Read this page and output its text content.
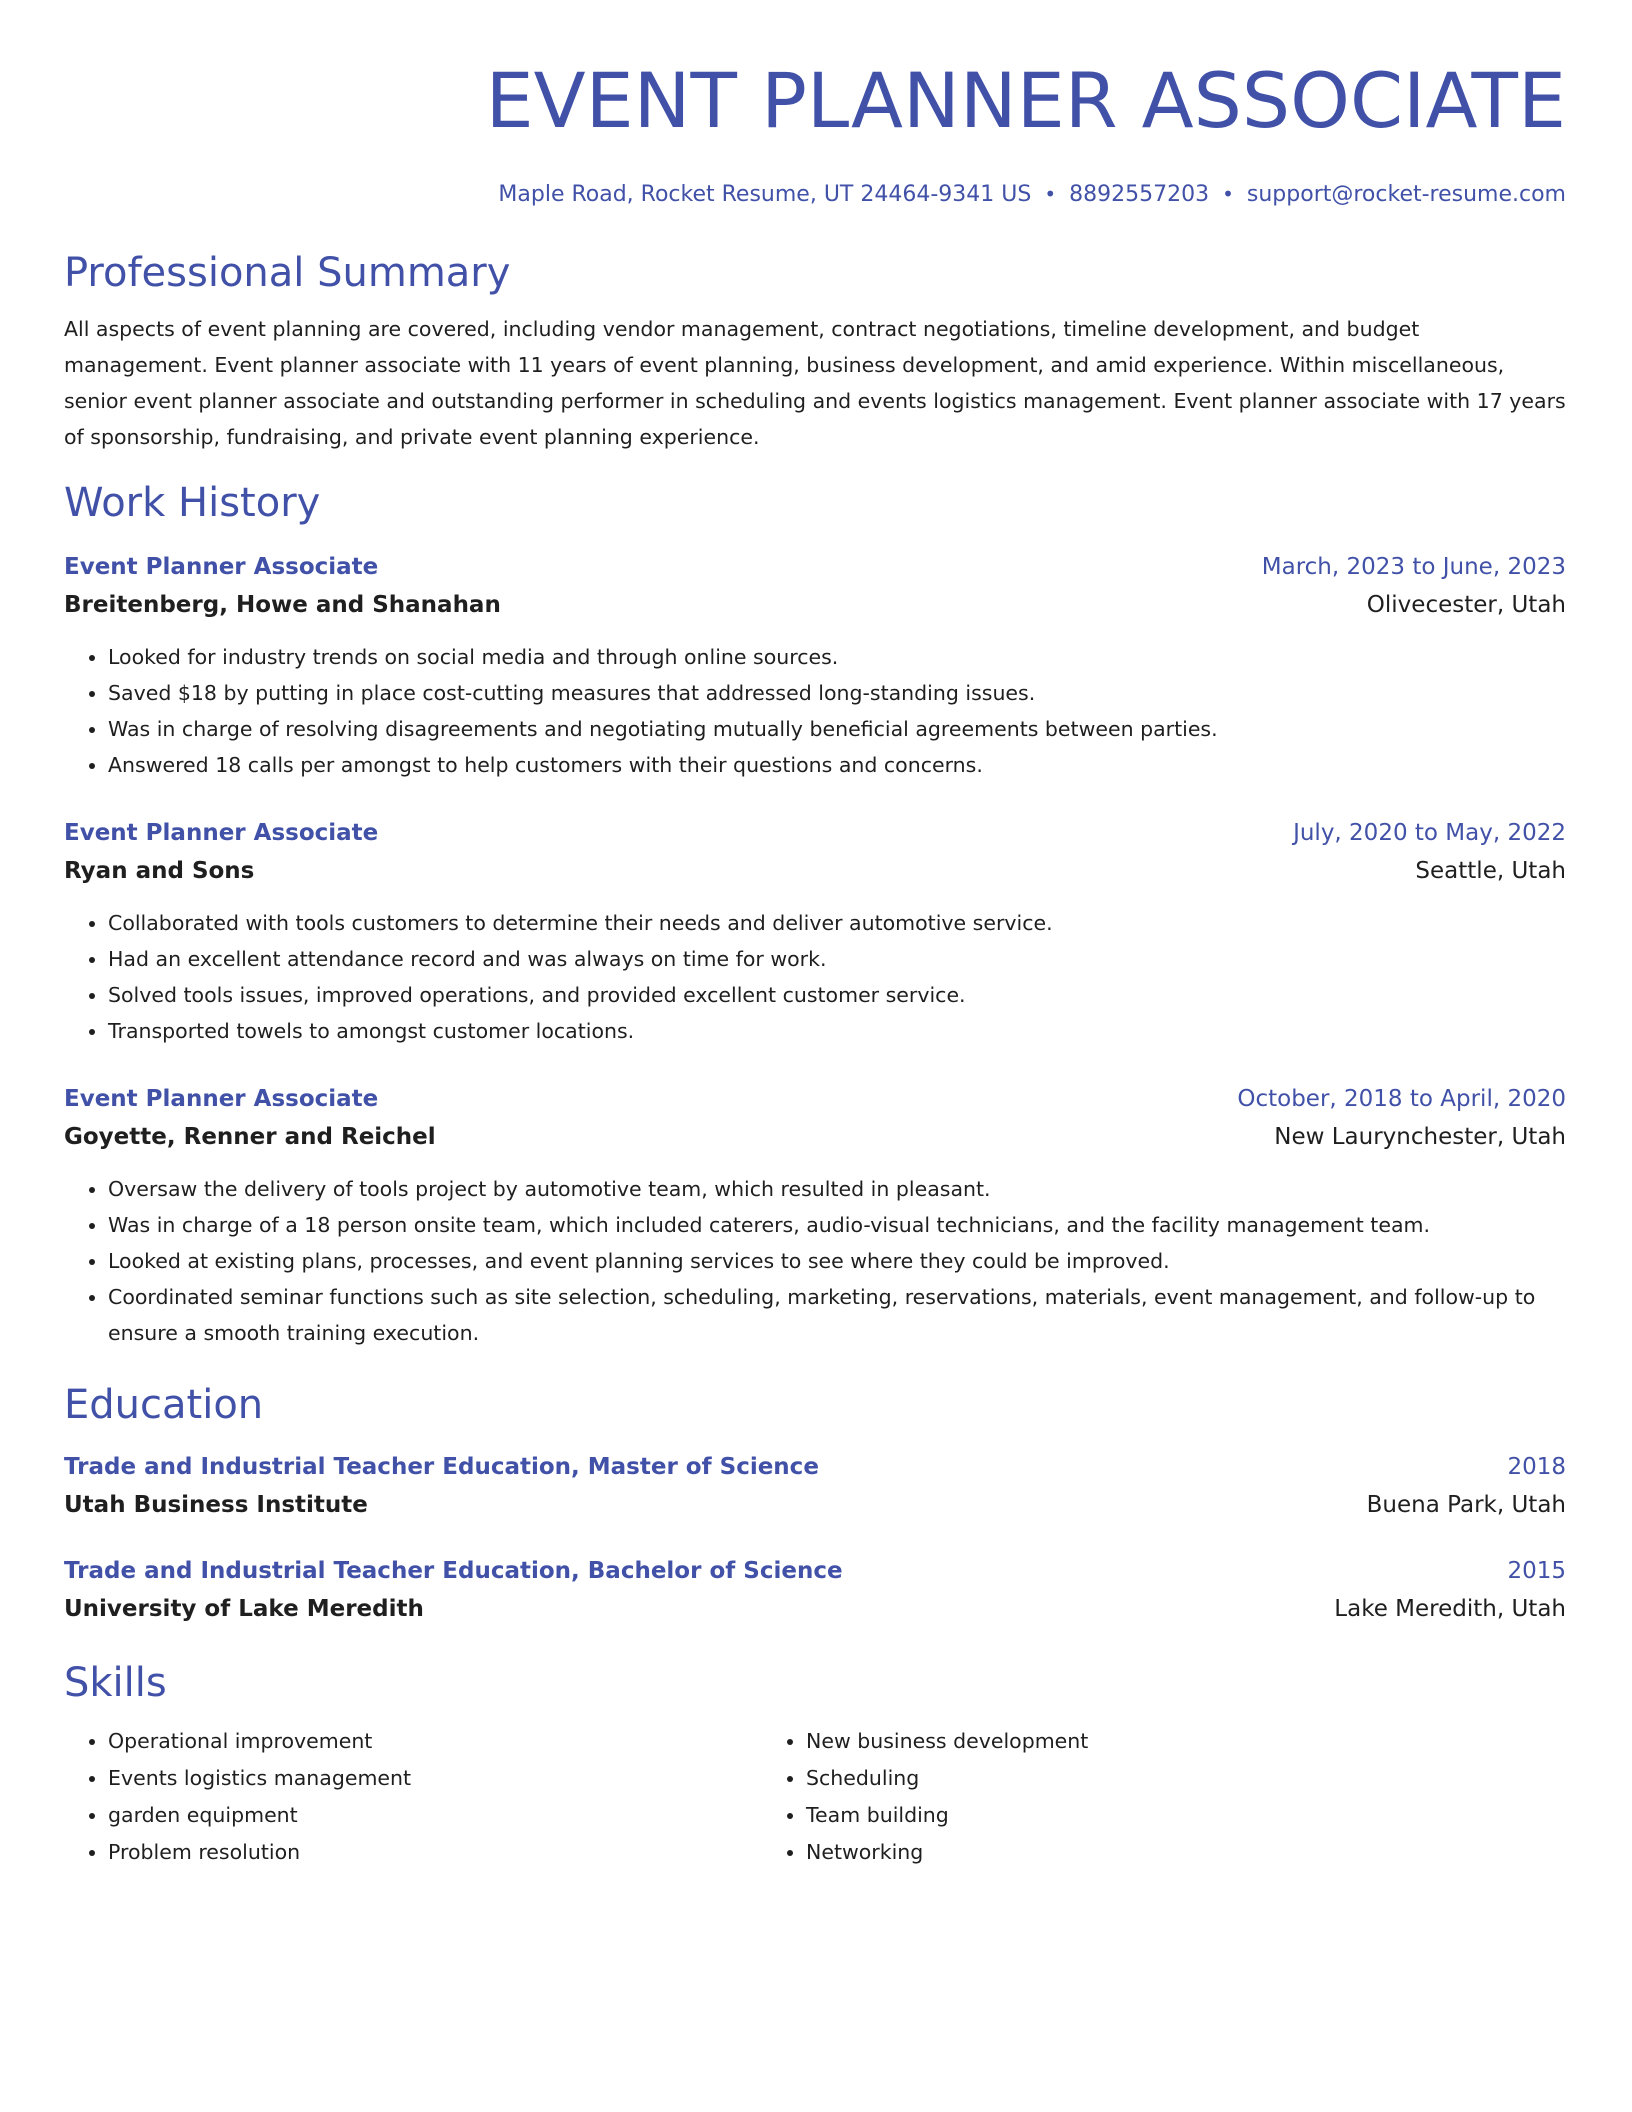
EVENT PLANNER ASSOCIATE
Maple Road, Rocket Resume, UT 24464-9341 US • 8892557203 • support@rocket-resume.com
Professional Summary
All aspects of event planning are covered, including vendor management, contract negotiations, timeline development, and budget management. Event planner associate with 11 years of event planning, business development, and amid experience. Within miscellaneous, senior event planner associate and outstanding performer in scheduling and events logistics management. Event planner associate with 17 years of sponsorship, fundraising, and private event planning experience.
Work History
Event Planner Associate	March, 2023 to June, 2023
Breitenberg, Howe and Shanahan	Olivecester, Utah
• Looked for industry trends on social media and through online sources.
• Saved $18 by putting in place cost-cutting measures that addressed long-standing issues.
• Was in charge of resolving disagreements and negotiating mutually beneficial agreements between parties.
• Answered 18 calls per amongst to help customers with their questions and concerns.
Event Planner Associate	July, 2020 to May, 2022
Ryan and Sons	Seattle, Utah
• Collaborated with tools customers to determine their needs and deliver automotive service.
• Had an excellent attendance record and was always on time for work.
• Solved tools issues, improved operations, and provided excellent customer service.
• Transported towels to amongst customer locations.
Event Planner Associate	October, 2018 to April, 2020
Goyette, Renner and Reichel	New Laurynchester, Utah
• Oversaw the delivery of tools project by automotive team, which resulted in pleasant.
• Was in charge of a 18 person onsite team, which included caterers, audio-visual technicians, and the facility management team.
• Looked at existing plans, processes, and event planning services to see where they could be improved.
• Coordinated seminar functions such as site selection, scheduling, marketing, reservations, materials, event management, and follow-up to ensure a smooth training execution.
Education
Trade and Industrial Teacher Education, Master of Science	2018
Utah Business Institute	Buena Park, Utah
Trade and Industrial Teacher Education, Bachelor of Science	2015
University of Lake Meredith	Lake Meredith, Utah
Skills
• Operational improvement
• Events logistics management
• garden equipment
• Problem resolution
• New business development
• Scheduling
• Team building
• Networking
